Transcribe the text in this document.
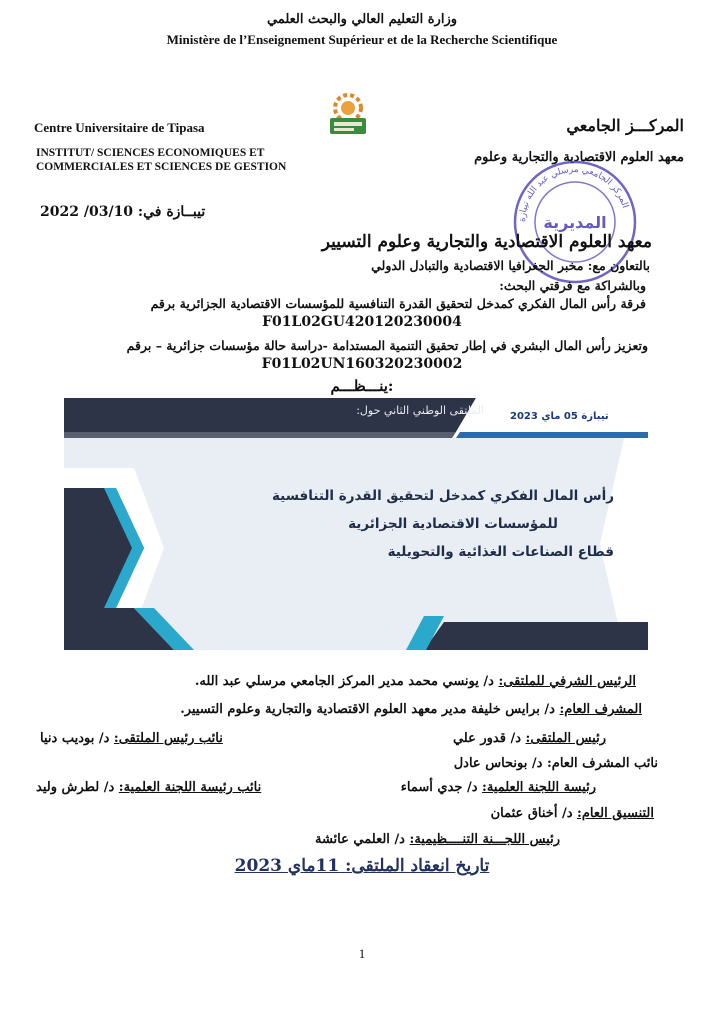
وزارة التعليم العالي والبحث العلمي
Ministère de l’Enseignement Supérieur et de la Recherche Scientifique
Centre Universitaire de Tipasa
INSTITUT/ SCIENCES ECONOMIQUES ET COMMERCIALES ET SCIENCES DE GESTION
المركـــز الجامعي
معهد العلوم الاقتصادية والتجارية وعلوم
المركز الجامعي مرسلي عبد الله تيبازة
المديرية
تيبــازة في: 03/10/ 2022
معهد العلوم الاقتصادية والتجارية وعلوم التسيير
بالتعاون مع: مخبر الجغرافيا الاقتصادية والتبادل الدولي
وبالشراكة مع فرقتي البحث:
فرقة رأس المال الفكري كمدخل لتحقيق القدرة التنافسية للمؤسسات الاقتصادية الجزائرية برقم
F01L02GU420120230004
وتعزيز رأس المال البشري في إطار تحقيق التنمية المستدامة -دراسة حالة مؤسسات جزائرية – برقم
F01L02UN160320230002
ينـــظـــم:
الملتقى الوطني الثاني حول:	تيبازة 05 ماي 2023
رأس المال الفكري كمدخل لتحقيق القدرة التنافسية
للمؤسسات الاقتصادية الجزائرية
قطاع الصناعات الغذائية والتحويلية
الرئيس الشرفي للملتقى: د/ يونسي محمد مدير المركز الجامعي مرسلي عبد الله.
المشرف العام: د/ برايس خليفة مدير معهد العلوم الاقتصادية والتجارية وعلوم التسيير.
رئيس الملتقى: د/ قدور علي
نائب رئيس الملتقى: د/ بوديب دنيا
نائب المشرف العام: د/ بونحاس عادل
رئيسة اللجنة العلمية: د/ جدي أسماء
نائب رئيسة اللجنة العلمية: د/ لطرش وليد
التنسيق العام: د/ أخناق عثمان
رئيس اللجـــنة التنــــظيمية: د/ العلمي عائشة
تاريخ انعقاد الملتقى: 11ماي 2023
1
